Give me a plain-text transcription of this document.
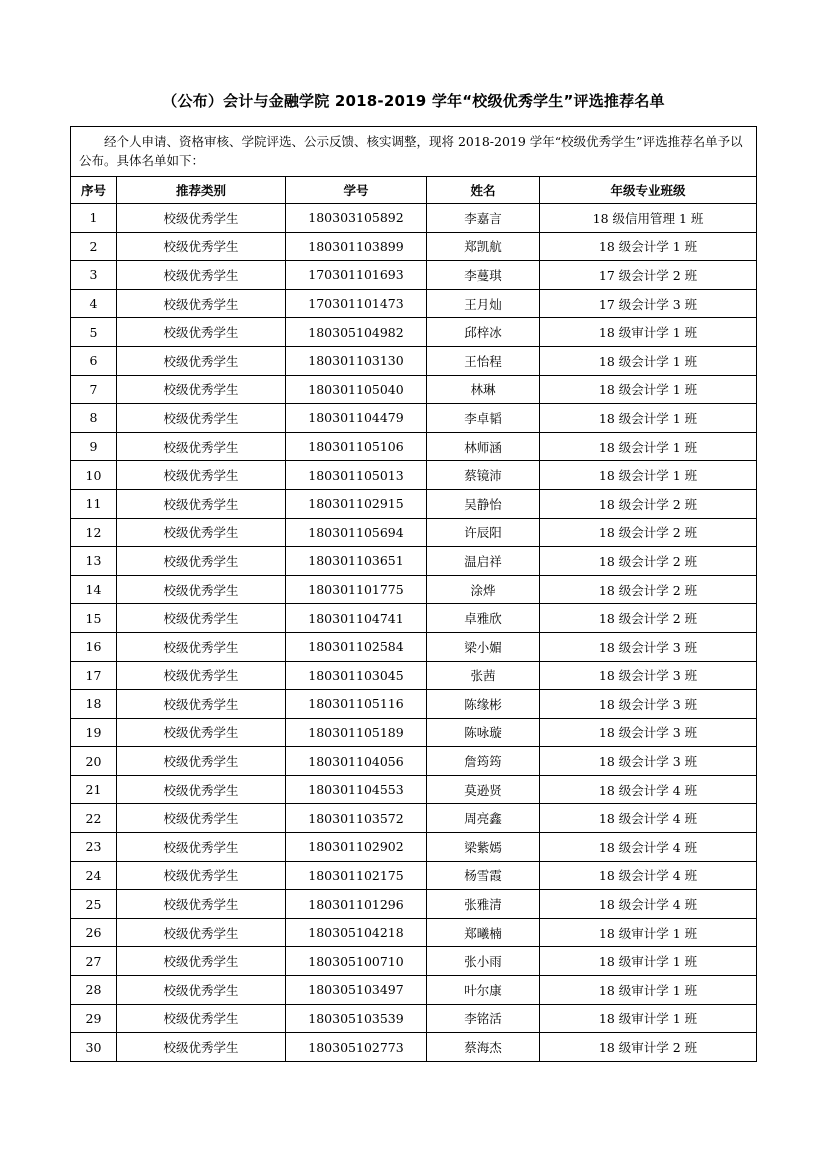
（公布）会计与金融学院 2018-2019 学年“校级优秀学生”评选推荐名单
经个人申请、资格审核、学院评选、公示反馈、核实调整，现将 2018-2019 学年“校级优秀学生”评选推荐名单予以公布。具体名单如下：				
序号	推荐类别	学号	姓名	年级专业班级
1	校级优秀学生	180303105892	李嘉言	18 级信用管理 1 班
2	校级优秀学生	180301103899	郑凯航	18 级会计学 1 班
3	校级优秀学生	170301101693	李蔓琪	17 级会计学 2 班
4	校级优秀学生	170301101473	王月灿	17 级会计学 3 班
5	校级优秀学生	180305104982	邱梓冰	18 级审计学 1 班
6	校级优秀学生	180301103130	王怡程	18 级会计学 1 班
7	校级优秀学生	180301105040	林琳	18 级会计学 1 班
8	校级优秀学生	180301104479	李卓韬	18 级会计学 1 班
9	校级优秀学生	180301105106	林师涵	18 级会计学 1 班
10	校级优秀学生	180301105013	蔡镜沛	18 级会计学 1 班
11	校级优秀学生	180301102915	吴静怡	18 级会计学 2 班
12	校级优秀学生	180301105694	许辰阳	18 级会计学 2 班
13	校级优秀学生	180301103651	温启祥	18 级会计学 2 班
14	校级优秀学生	180301101775	涂烨	18 级会计学 2 班
15	校级优秀学生	180301104741	卓雅欣	18 级会计学 2 班
16	校级优秀学生	180301102584	梁小媚	18 级会计学 3 班
17	校级优秀学生	180301103045	张茜	18 级会计学 3 班
18	校级优秀学生	180301105116	陈缘彬	18 级会计学 3 班
19	校级优秀学生	180301105189	陈咏璇	18 级会计学 3 班
20	校级优秀学生	180301104056	詹筠筠	18 级会计学 3 班
21	校级优秀学生	180301104553	莫逊贤	18 级会计学 4 班
22	校级优秀学生	180301103572	周亮鑫	18 级会计学 4 班
23	校级优秀学生	180301102902	梁紫嫣	18 级会计学 4 班
24	校级优秀学生	180301102175	杨雪霞	18 级会计学 4 班
25	校级优秀学生	180301101296	张雅清	18 级会计学 4 班
26	校级优秀学生	180305104218	郑曦楠	18 级审计学 1 班
27	校级优秀学生	180305100710	张小雨	18 级审计学 1 班
28	校级优秀学生	180305103497	叶尔康	18 级审计学 1 班
29	校级优秀学生	180305103539	李铭活	18 级审计学 1 班
30	校级优秀学生	180305102773	蔡海杰	18 级审计学 2 班
